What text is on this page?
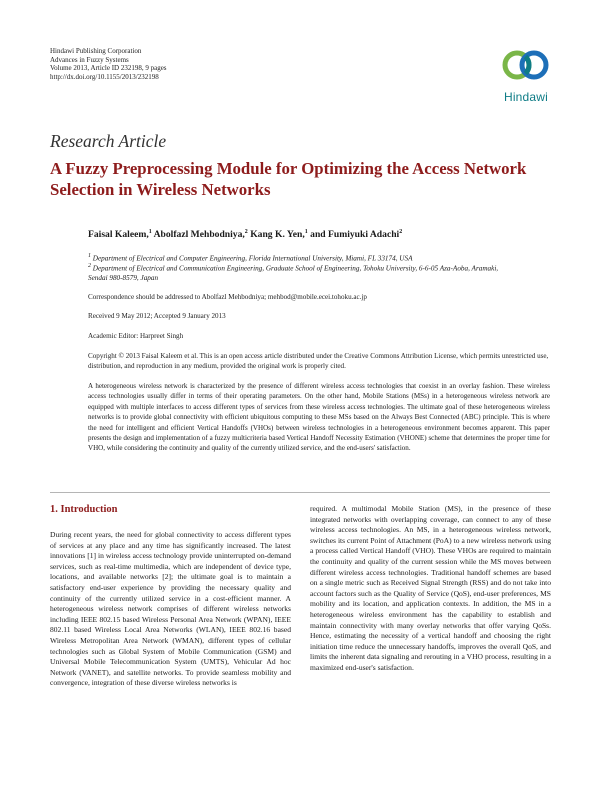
Hindawi Publishing Corporation
Advances in Fuzzy Systems
Volume 2013, Article ID 232198, 9 pages
http://dx.doi.org/10.1155/2013/232198
Hindawi
Research Article
A Fuzzy Preprocessing Module for Optimizing the Access Network Selection in Wireless Networks
Faisal Kaleem,$^1$ Abolfazl Mehbodniya,$^2$ Kang K. Yen,$^1$ and Fumiyuki Adachi$^2$
$^1$ Department of Electrical and Computer Engineering, Florida International University, Miami, FL 33174, USA
$^2$ Department of Electrical and Communication Engineering, Graduate School of Engineering, Tohoku University, 6-6-05 Aza-Aoba, Aramaki, Sendai 980-8579, Japan
Correspondence should be addressed to Abolfazl Mehbodniya; mehbod@mobile.ecei.tohoku.ac.jp
Received 9 May 2012; Accepted 9 January 2013
Academic Editor: Harpreet Singh
Copyright © 2013 Faisal Kaleem et al. This is an open access article distributed under the Creative Commons Attribution License, which permits unrestricted use, distribution, and reproduction in any medium, provided the original work is properly cited.
A heterogeneous wireless network is characterized by the presence of different wireless access technologies that coexist in an overlay fashion. These wireless access technologies usually differ in terms of their operating parameters. On the other hand, Mobile Stations (MSs) in a heterogeneous wireless network are equipped with multiple interfaces to access different types of services from these wireless access technologies. The ultimate goal of these heterogeneous wireless networks is to provide global connectivity with efficient ubiquitous computing to these MSs based on the Always Best Connected (ABC) principle. This is where the need for intelligent and efficient Vertical Handoffs (VHOs) between wireless technologies in a heterogeneous environment becomes apparent. This paper presents the design and implementation of a fuzzy multicriteria based Vertical Handoff Necessity Estimation (VHONE) scheme that determines the proper time for VHO, while considering the continuity and quality of the currently utilized service, and the end-users' satisfaction.
1. Introduction
During recent years, the need for global connectivity to access different types of services at any place and any time has significantly increased. The latest innovations [1] in wireless access technology provide uninterrupted on-demand services, such as real-time multimedia, which are independent of device type, locations, and available networks [2]; the ultimate goal is to maintain a satisfactory end-user experience by providing the necessary quality and continuity of the currently utilized service in a cost-efficient manner. A heterogeneous wireless network comprises of different wireless networks including IEEE 802.15 based Wireless Personal Area Network (WPAN), IEEE 802.11 based Wireless Local Area Networks (WLAN), IEEE 802.16 based Wireless Metropolitan Area Network (WMAN), different types of cellular technologies such as Global System of Mobile Communication (GSM) and Universal Mobile Telecommunication System (UMTS), Vehicular Ad hoc Network (VANET), and satellite networks. To provide seamless mobility and convergence, integration of these diverse wireless networks is
required. A multimodal Mobile Station (MS), in the presence of these integrated networks with overlapping coverage, can connect to any of these wireless access technologies. An MS, in a heterogeneous wireless network, switches its current Point of Attachment (PoA) to a new wireless network using a process called Vertical Handoff (VHO). These VHOs are required to maintain the continuity and quality of the current session while the MS moves between different wireless access technologies. Traditional handoff schemes are based on a single metric such as Received Signal Strength (RSS) and do not take into account factors such as the Quality of Service (QoS), end-user preferences, MS mobility and its location, and application contexts. In addition, the MS in a heterogeneous wireless environment has the capability to establish and maintain connectivity with many overlay networks that offer varying QoSs. Hence, estimating the necessity of a vertical handoff and choosing the right initiation time reduce the unnecessary handoffs, improves the overall QoS, and limits the inherent data signaling and rerouting in a VHO process, resulting in a maximized end-user's satisfaction.
